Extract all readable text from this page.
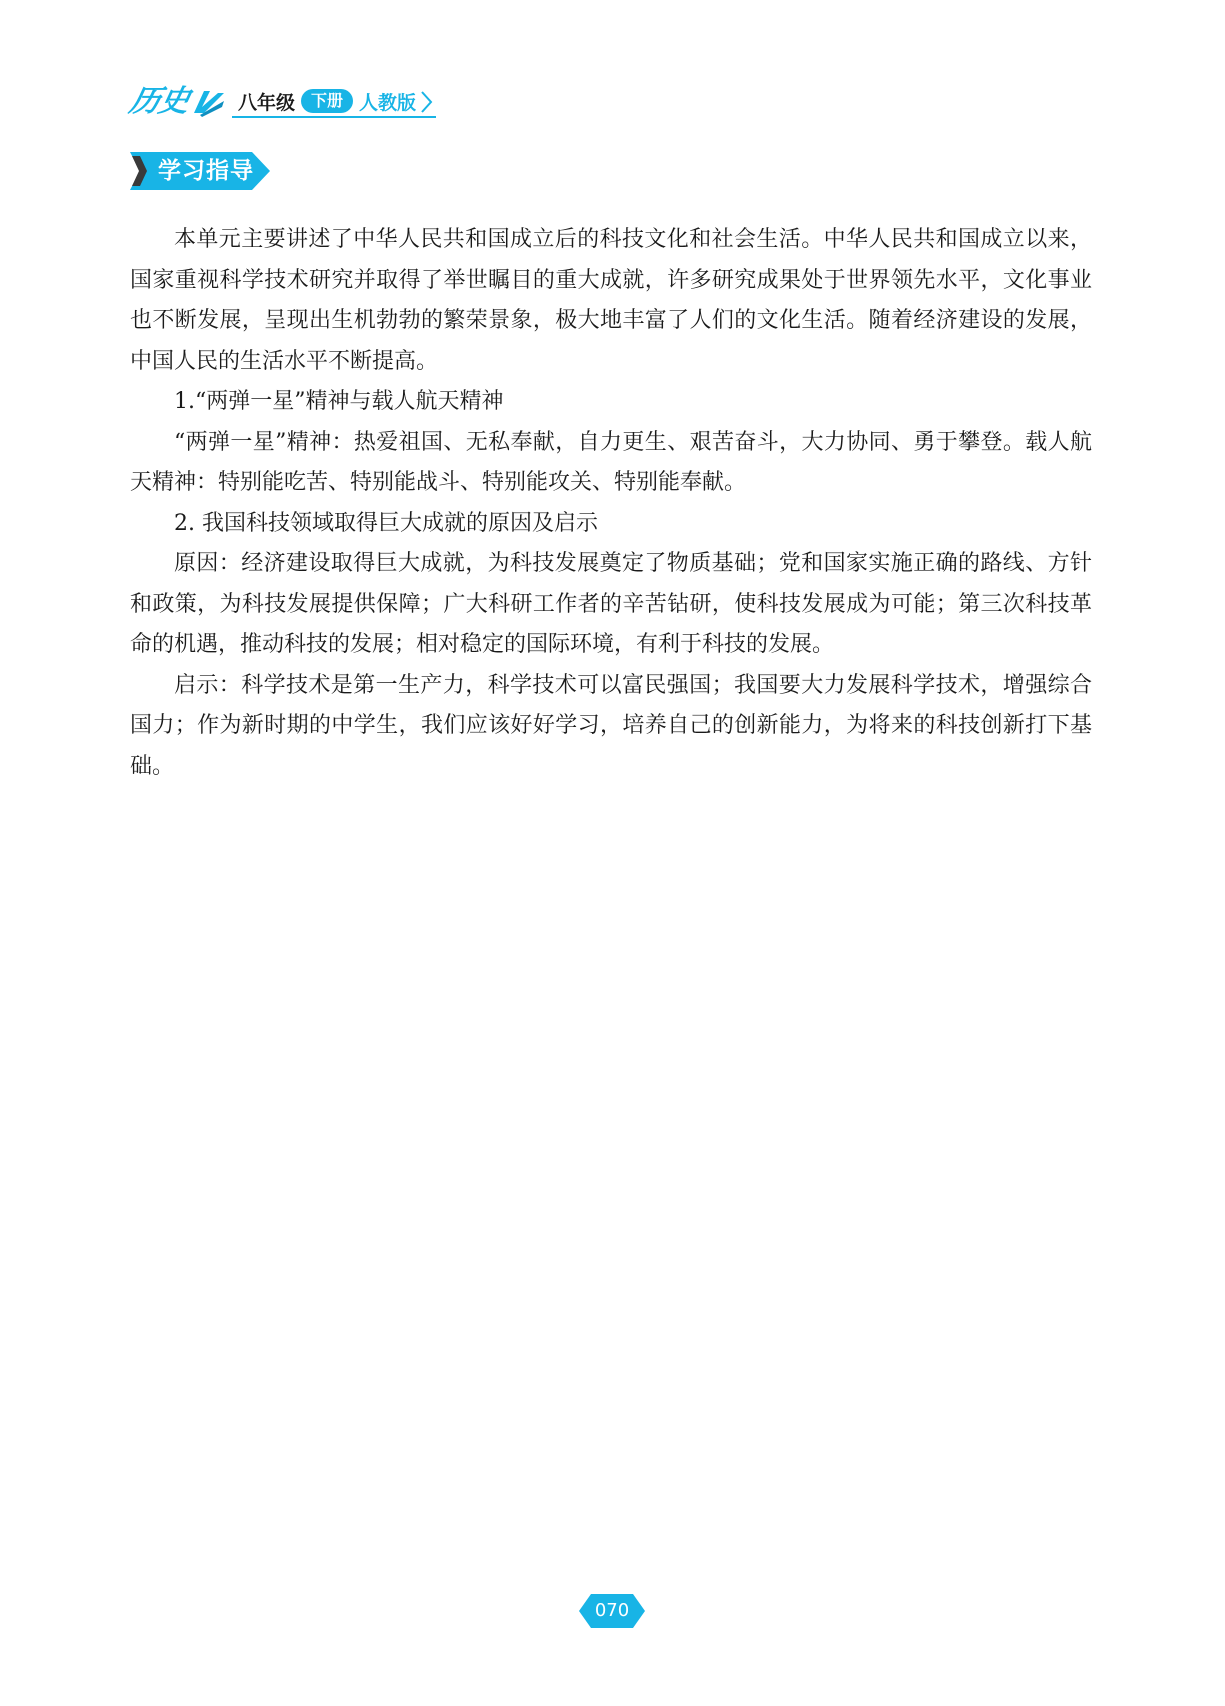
历史 八年级	下册 人教版
学习指导

本单元主要讲述了中华人民共和国成立后的科技文化和社会生活。中华人民共和国成立以来，国家重视科学技术研究并取得了举世瞩目的重大成就，许多研究成果处于世界领先水平，文化事业也不断发展，呈现出生机勃勃的繁荣景象，极大地丰富了人们的文化生活。随着经济建设的发展，中国人民的生活水平不断提高。

1.“两弹一星”精神与载人航天精神

“两弹一星”精神：热爱祖国、无私奉献，自力更生、艰苦奋斗，大力协同、勇于攀登。载人航天精神：特别能吃苦、特别能战斗、特别能攻关、特别能奉献。

2. 我国科技领域取得巨大成就的原因及启示

原因：经济建设取得巨大成就，为科技发展奠定了物质基础；党和国家实施正确的路线、方针和政策，为科技发展提供保障；广大科研工作者的辛苦钻研，使科技发展成为可能；第三次科技革命的机遇，推动科技的发展；相对稳定的国际环境，有利于科技的发展。

启示：科学技术是第一生产力，科学技术可以富民强国；我国要大力发展科学技术，增强综合国力；作为新时期的中学生，我们应该好好学习，培养自己的创新能力，为将来的科技创新打下基础。

070
